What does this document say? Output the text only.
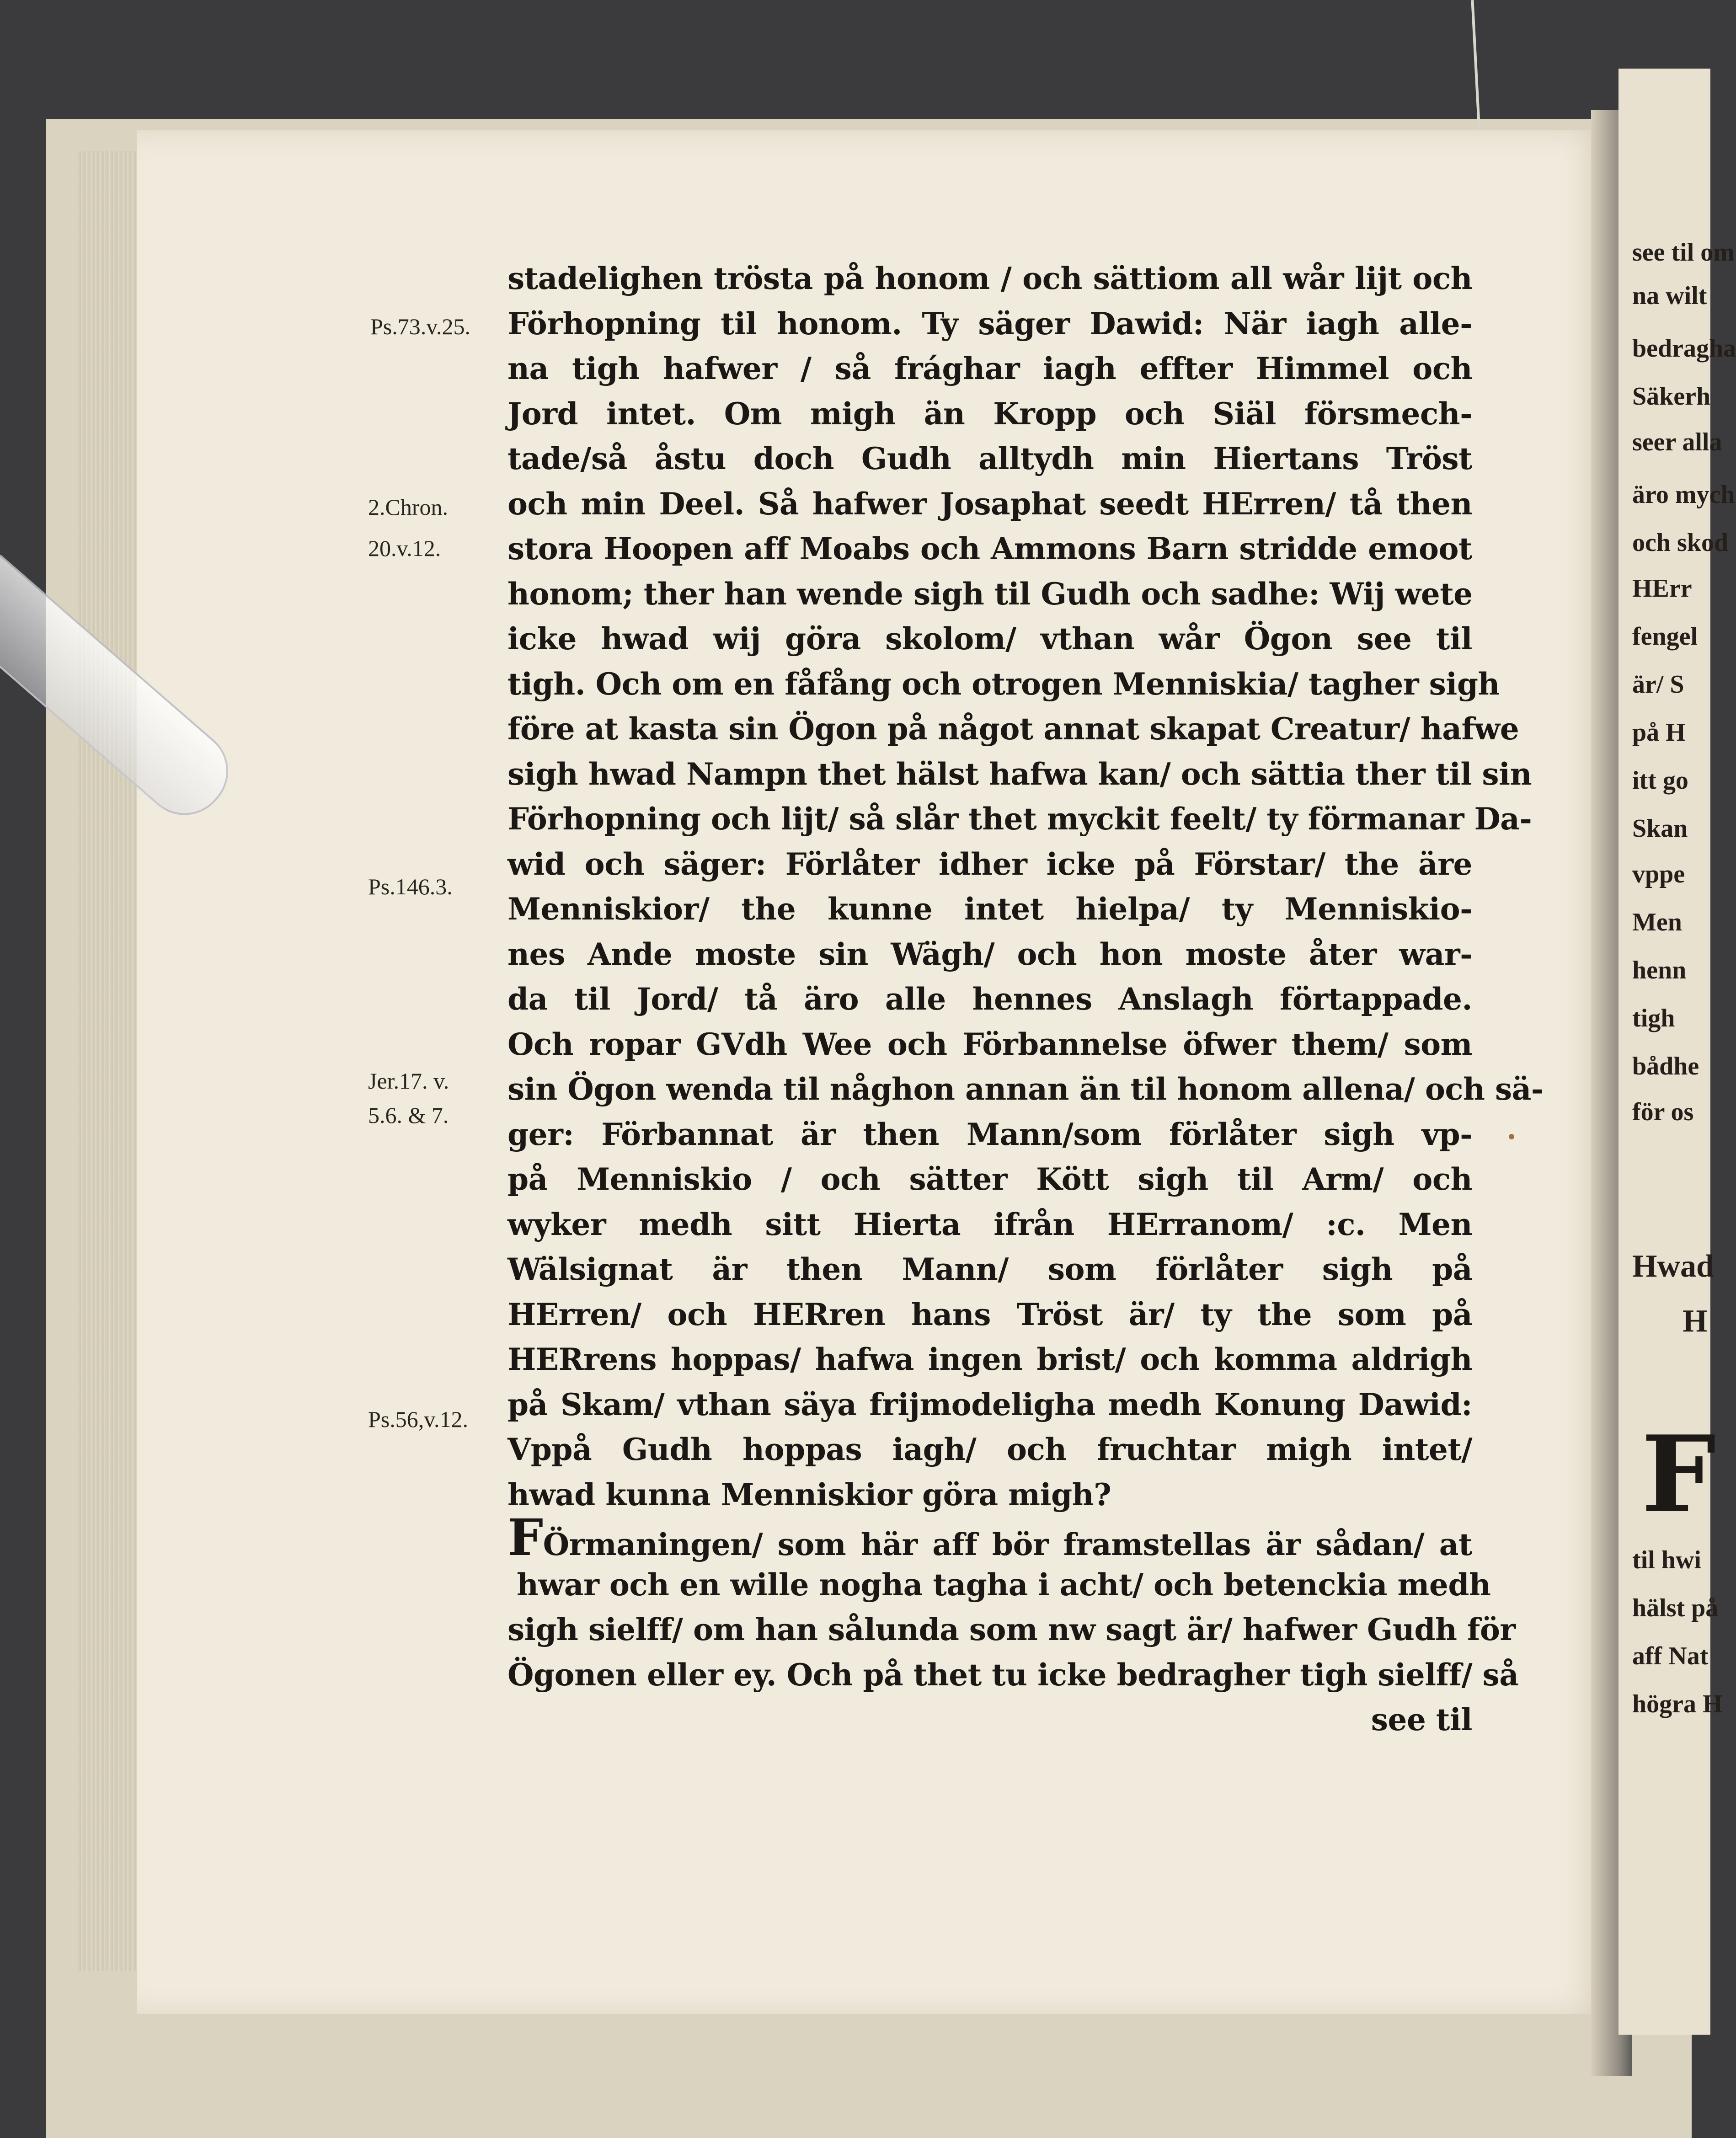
Ps.73.v.25.
2.Chron.
20.v.12.
Ps.146.3.
Jer.17. v.
5.6. & 7.
Ps.56,v.12.
stadelighen trösta på honom / och sättiom all wår lijt och
Förhopning til honom. Ty säger Dawid: När iagh alle-
na tigh hafwer / så frághar iagh effter Himmel och
Jord intet. Om migh än Kropp och Siäl försmech-
tade/så åstu doch Gudh alltydh min Hiertans Tröst
och min Deel. Så hafwer Josaphat seedt HErren/ tå then
stora Hoopen aff Moabs och Ammons Barn stridde emoot
honom; ther han wende sigh til Gudh och sadhe: Wij wete
icke hwad wij göra skolom/ vthan wår Ögon see til
tigh. Och om en fåfång och otrogen Menniskia/ tagher sigh
före at kasta sin Ögon på något annat skapat Creatur/ hafwe
sigh hwad Nampn thet hälst hafwa kan/ och sättia ther til sin
Förhopning och lijt/ så slår thet myckit feelt/ ty förmanar Da-
wid och säger: Förlåter idher icke på Förstar/ the äre
Menniskior/ the kunne intet hielpa/ ty Menniskio-
nes Ande moste sin Wägh/ och hon moste åter war-
da til Jord/ tå äro alle hennes Anslagh förtappade.
Och ropar GVdh Wee och Förbannelse öfwer them/ som
sin Ögon wenda til någhon annan än til honom allena/ och sä-
ger: Förbannat är then Mann/som förlåter sigh vp-
på Menniskio / och sätter Kött sigh til Arm/ och
wyker medh sitt Hierta ifrån HErranom/ :c. Men
Wälsignat är then Mann/ som förlåter sigh på
HErren/ och HERren hans Tröst är/ ty the som på
HERrens hoppas/ hafwa ingen brist/ och komma aldrigh
på Skam/ vthan säya frijmodeligha medh Konung Dawid:
Vppå Gudh hoppas iagh/ och fruchtar migh intet/
hwad kunna Menniskior göra migh?
FÖrmaningen/ som här aff bör framstellas är sådan/ at
hwar och en wille nogha tagha i acht/ och betenckia medh
sigh sielff/ om han sålunda som nw sagt är/ hafwer Gudh för
Ögonen eller ey. Och på thet tu icke bedragher tigh sielff/ så
see til
see til om
na wilt
bedragha
Säkerh
seer alla
äro mych
och skod
HErr
fengel
är/ S
på H
itt go
Skan
vppe
Men
henn
tigh
bådhe
för os
Hwad
H
F
til hwi
hälst på
aff Nat
högra H
